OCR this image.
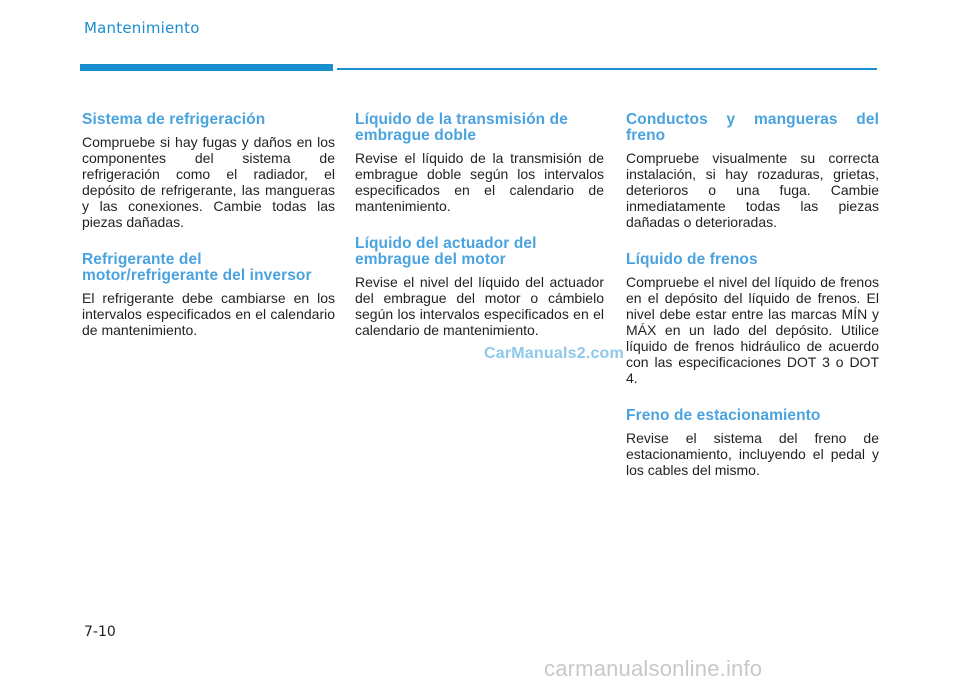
Mantenimiento
Sistema de refrigeración

Compruebe si hay fugas y daños en los componentes del sistema de refrigeración como el radiador, el depósito de refrigerante, las mangueras y las conexiones. Cambie todas las piezas dañadas.

Refrigerante del
motor/refrigerante del inversor

El refrigerante debe cambiarse en los intervalos especificados en el calendario de mantenimiento.

Líquido de la transmisión de embrague doble

Revise el líquido de la transmisión de embrague doble según los intervalos especificados en el calendario de mantenimiento.

Líquido del actuador del embrague del motor

Revise el nivel del líquido del actuador del embrague del motor o cámbielo según los intervalos especificados en el calendario de mantenimiento.

Conductos y mangueras del freno

Compruebe visualmente su correcta instalación, si hay rozaduras, grietas, deterioros o una fuga. Cambie inmediatamente todas las piezas dañadas o deterioradas.

Líquido de frenos

Compruebe el nivel del líquido de frenos en el depósito del líquido de frenos. El nivel debe estar entre las marcas MÍN y MÁX en un lado del depósito. Utilice líquido de frenos hidráulico de acuerdo con las especificaciones DOT 3 o DOT 4.

Freno de estacionamiento

Revise el sistema del freno de estacionamiento, incluyendo el pedal y los cables del mismo.

CarManuals2.com
7-10
carmanualsonline.info
